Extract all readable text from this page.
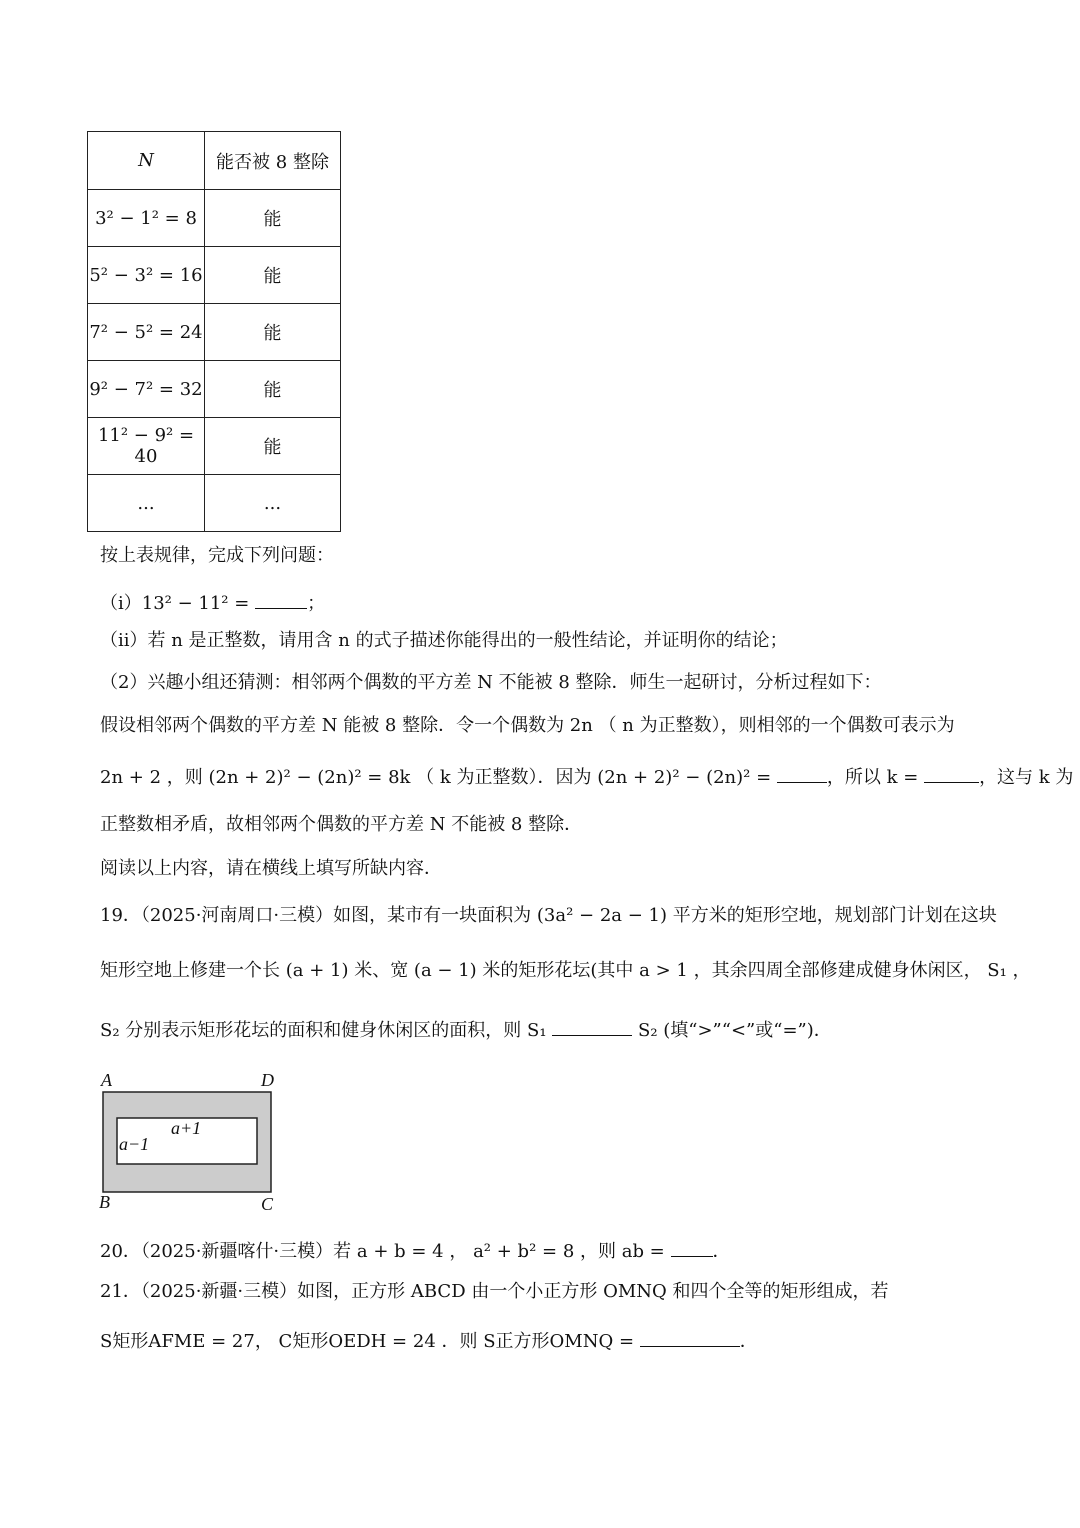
N	能否被 8 整除
3² − 1² = 8	能
5² − 3² = 16	能
7² − 5² = 24	能
9² − 7² = 32	能
11² − 9² = 40	能
...	...
按上表规律，完成下列问题：
（ⅰ）13² − 11² =	；
（ⅱ）若 n 是正整数，请用含 n 的式子描述你能得出的一般性结论，并证明你的结论；
（2）兴趣小组还猜测：相邻两个偶数的平方差 N 不能被 8 整除．师生一起研讨，分析过程如下：
假设相邻两个偶数的平方差 N 能被 8 整除．令一个偶数为 2n （ n 为正整数），则相邻的一个偶数可表示为
2n + 2 ，则 (2n + 2)² − (2n)² = 8k （ k 为正整数）．因为 (2n + 2)² − (2n)² =	，所以 k =	，这与 k 为
正整数相矛盾，故相邻两个偶数的平方差 N 不能被 8 整除．
阅读以上内容，请在横线上填写所缺内容．
19．（2025·河南周口·三模）如图，某市有一块面积为 (3a² − 2a − 1) 平方米的矩形空地，规划部门计划在这块
矩形空地上修建一个长 (a + 1) 米、宽 (a − 1) 米的矩形花坛(其中 a > 1 ，其余四周全部修建成健身休闲区， S₁ ，
S₂ 分别表示矩形花坛的面积和健身休闲区的面积，则 S₁	S₂ (填“>”“<”或“=”)．
A	D
B	C
a+1
a−1
20．（2025·新疆喀什·三模）若 a + b = 4 ， a² + b² = 8 ，则 ab = ．
21．（2025·新疆·三模）如图，正方形 ABCD 由一个小正方形 OMNQ 和四个全等的矩形组成，若
S矩形AFME = 27， C矩形OEDH = 24 ．则 S正方形OMNQ =	．
